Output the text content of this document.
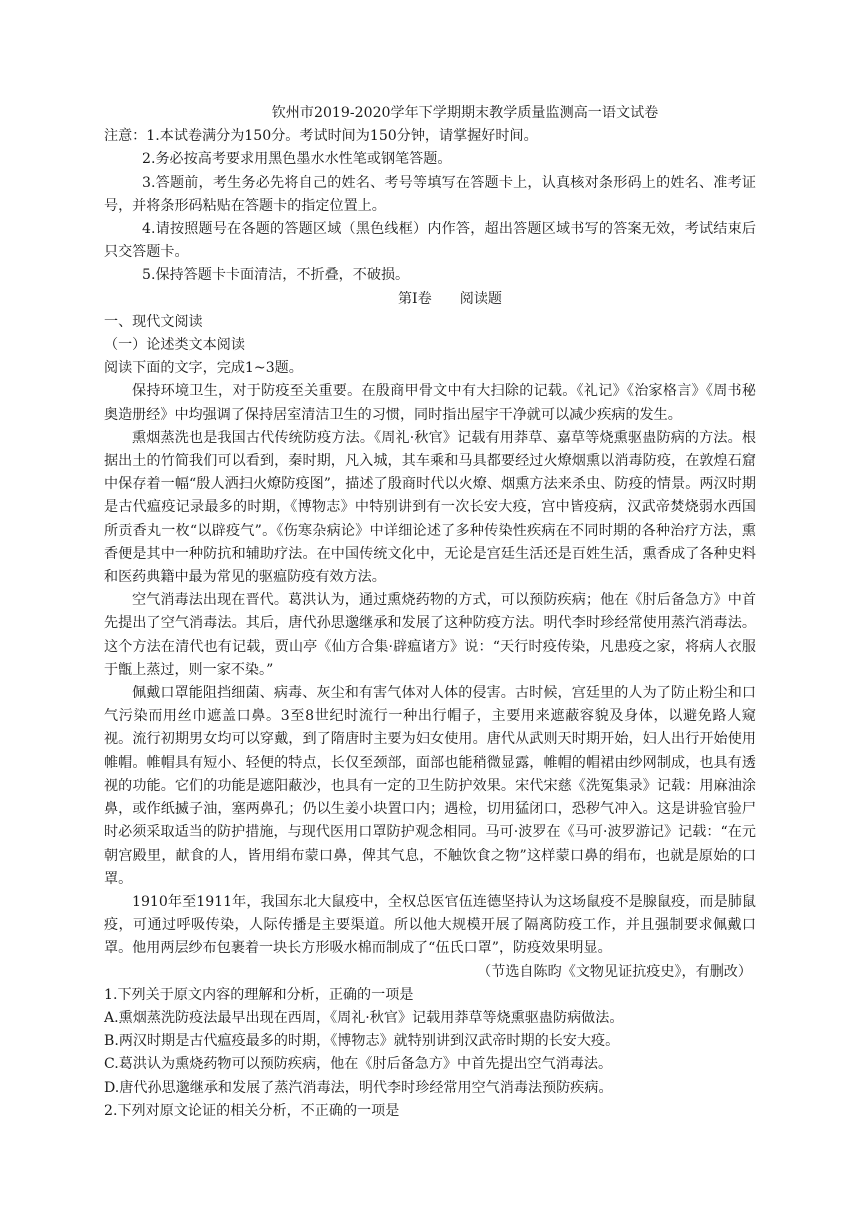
钦州市2019-2020学年下学期期末教学质量监测高一语文试卷

注意：1.本试卷满分为150分。考试时间为150分钟，请掌握好时间。

2.务必按高考要求用黑色墨水水性笔或钢笔答题。

3.答题前，考生务必先将自己的姓名、考号等填写在答题卡上，认真核对条形码上的姓名、准考证号，并将条形码粘贴在答题卡的指定位置上。

4.请按照题号在各题的答题区域（黑色线框）内作答，超出答题区域书写的答案无效，考试结束后只交答题卡。

5.保持答题卡卡面清洁，不折叠，不破损。

第Ⅰ卷 阅读题

一、现代文阅读

（一）论述类文本阅读

阅读下面的文字，完成1~3题。

保持环境卫生，对于防疫至关重要。在殷商甲骨文中有大扫除的记载。《礼记》《治家格言》《周书秘奥造册经》中均强调了保持居室清洁卫生的习惯，同时指出屋宇干净就可以减少疾病的发生。

熏烟蒸洗也是我国古代传统防疫方法。《周礼·秋官》记载有用莽草、嘉草等烧熏驱蛊防病的方法。根据出土的竹简我们可以看到，秦时期，凡入城，其车乘和马具都要经过火燎烟熏以消毒防疫，在敦煌石窟中保存着一幅“殷人洒扫火燎防疫图”，描述了殷商时代以火燎、烟熏方法来杀虫、防疫的情景。两汉时期是古代瘟疫记录最多的时期，《博物志》中特别讲到有一次长安大疫，宫中皆疫病，汉武帝焚烧弱水西国所贡香丸一枚“以辟疫气”。《伤寒杂病论》中详细论述了多种传染性疾病在不同时期的各种治疗方法，熏香便是其中一种防抗和辅助疗法。在中国传统文化中，无论是宫廷生活还是百姓生活，熏香成了各种史料和医药典籍中最为常见的驱瘟防疫有效方法。

空气消毒法出现在晋代。葛洪认为，通过熏烧药物的方式，可以预防疾病；他在《肘后备急方》中首先提出了空气消毒法。其后，唐代孙思邈继承和发展了这种防疫方法。明代李时珍经常使用蒸汽消毒法。这个方法在清代也有记载，贾山亭《仙方合集·辟瘟诸方》说：“天行时疫传染，凡患疫之家，将病人衣服于甑上蒸过，则一家不染。”

佩戴口罩能阻挡细菌、病毒、灰尘和有害气体对人体的侵害。古时候，宫廷里的人为了防止粉尘和口气污染而用丝巾遮盖口鼻。3至8世纪时流行一种出行帽子，主要用来遮蔽容貌及身体，以避免路人窥视。流行初期男女均可以穿戴，到了隋唐时主要为妇女使用。唐代从武则天时期开始，妇人出行开始使用帷帽。帷帽具有短小、轻便的特点，长仅至颈部，面部也能稍微显露，帷帽的帽裙由纱网制成，也具有透视的功能。它们的功能是遮阳蔽沙，也具有一定的卫生防护效果。宋代宋慈《洗冤集录》记载：用麻油涂鼻，或作纸揻子油，塞两鼻孔；仍以生姜小块置口内；遇检，切用猛闭口，恐秽气冲入。这是讲验官验尸时必须采取适当的防护措施，与现代医用口罩防护观念相同。马可·波罗在《马可·波罗游记》记载：“在元朝宫殿里，献食的人，皆用绢布蒙口鼻，俾其气息，不触饮食之物”这样蒙口鼻的绢布，也就是原始的口罩。

1910年至1911年，我国东北大鼠疫中，全权总医官伍连德坚持认为这场鼠疫不是腺鼠疫，而是肺鼠疫，可通过呼吸传染，人际传播是主要渠道。所以他大规模开展了隔离防疫工作，并且强制要求佩戴口罩。他用两层纱布包裹着一块长方形吸水棉而制成了“伍氏口罩”，防疫效果明显。

（节选自陈昀《文物见证抗疫史》，有删改）

1.下列关于原文内容的理解和分析，正确的一项是

A.熏烟蒸洗防疫法最早出现在西周，《周礼·秋官》记载用莽草等烧熏驱蛊防病做法。

B.两汉时期是古代瘟疫最多的时期，《博物志》就特别讲到汉武帝时期的长安大疫。

C.葛洪认为熏烧药物可以预防疾病，他在《肘后备急方》中首先提出空气消毒法。

D.唐代孙思邈继承和发展了蒸汽消毒法，明代李时珍经常用空气消毒法预防疾病。

2.下列对原文论证的相关分析，不正确的一项是
